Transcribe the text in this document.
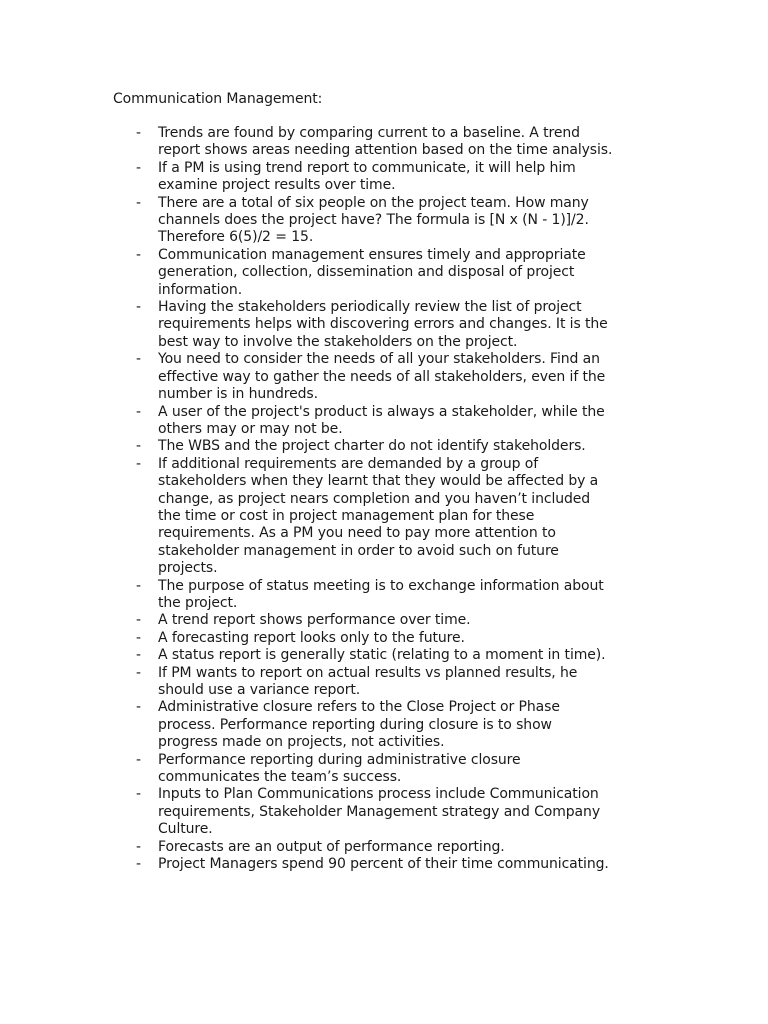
Communication Management:
- Trends are found by comparing current to a baseline. A trend
report shows areas needing attention based on the time analysis.
- If a PM is using trend report to communicate, it will help him
examine project results over time.
- There are a total of six people on the project team. How many
channels does the project have? The formula is [N x (N - 1)]/2.
Therefore 6(5)/2 = 15.
- Communication management ensures timely and appropriate
generation, collection, dissemination and disposal of project
information.
- Having the stakeholders periodically review the list of project
requirements helps with discovering errors and changes. It is the
best way to involve the stakeholders on the project.
- You need to consider the needs of all your stakeholders. Find an
effective way to gather the needs of all stakeholders, even if the
number is in hundreds.
- A user of the project's product is always a stakeholder, while the
others may or may not be.
- The WBS and the project charter do not identify stakeholders.
- If additional requirements are demanded by a group of
stakeholders when they learnt that they would be affected by a
change, as project nears completion and you haven’t included
the time or cost in project management plan for these
requirements. As a PM you need to pay more attention to
stakeholder management in order to avoid such on future
projects.
- The purpose of status meeting is to exchange information about
the project.
- A trend report shows performance over time.
- A forecasting report looks only to the future.
- A status report is generally static (relating to a moment in time).
- If PM wants to report on actual results vs planned results, he
should use a variance report.
- Administrative closure refers to the Close Project or Phase
process. Performance reporting during closure is to show
progress made on projects, not activities.
- Performance reporting during administrative closure
communicates the team’s success.
- Inputs to Plan Communications process include Communication
requirements, Stakeholder Management strategy and Company
Culture.
- Forecasts are an output of performance reporting.
- Project Managers spend 90 percent of their time communicating.
